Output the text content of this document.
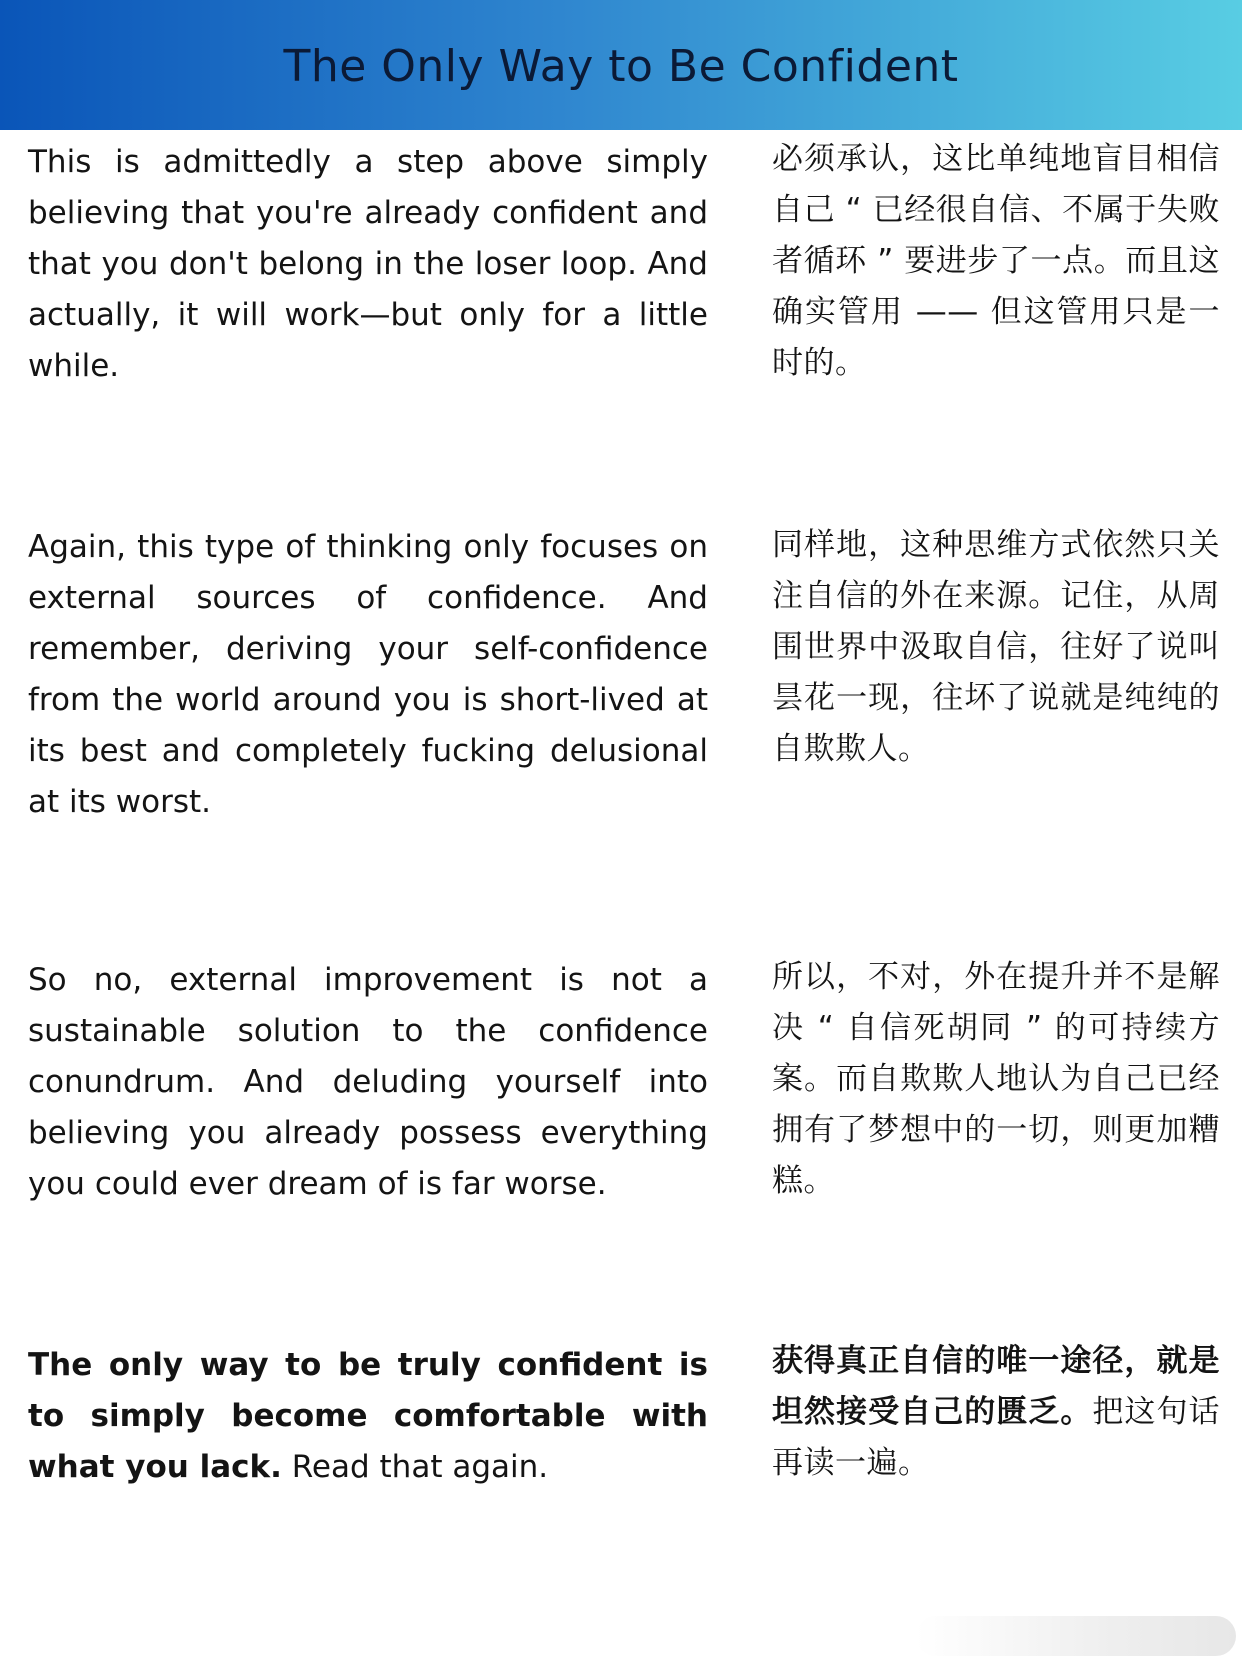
The Only Way to Be Confident
This is admittedly a step above simply believing that you're already confident and that you don't belong in the loser loop. And actually, it will work—but only for a little while.
必须承认，这比单纯地盲目相信自己 “ 已经很自信、不属于失败者循环 ” 要进步了一点。而且这确实管用 —— 但这管用只是一时的。
Again, this type of thinking only focuses on external sources of confidence. And remember, deriving your self-confidence from the world around you is short-lived at its best and completely fucking delusional at its worst.
同样地，这种思维方式依然只关注自信的外在来源。记住，从周围世界中汲取自信，往好了说叫昙花一现，往坏了说就是纯纯的自欺欺人。
So no, external improvement is not a sustainable solution to the confidence conundrum. And deluding yourself into believing you already possess everything you could ever dream of is far worse.
所以，不对，外在提升并不是解决 “ 自信死胡同 ” 的可持续方案。而自欺欺人地认为自己已经拥有了梦想中的一切，则更加糟糕。
The only way to be truly confident is to simply become comfortable with what you lack. Read that again.
获得真正自信的唯一途径，就是坦然接受自己的匮乏。把这句话再读一遍。
